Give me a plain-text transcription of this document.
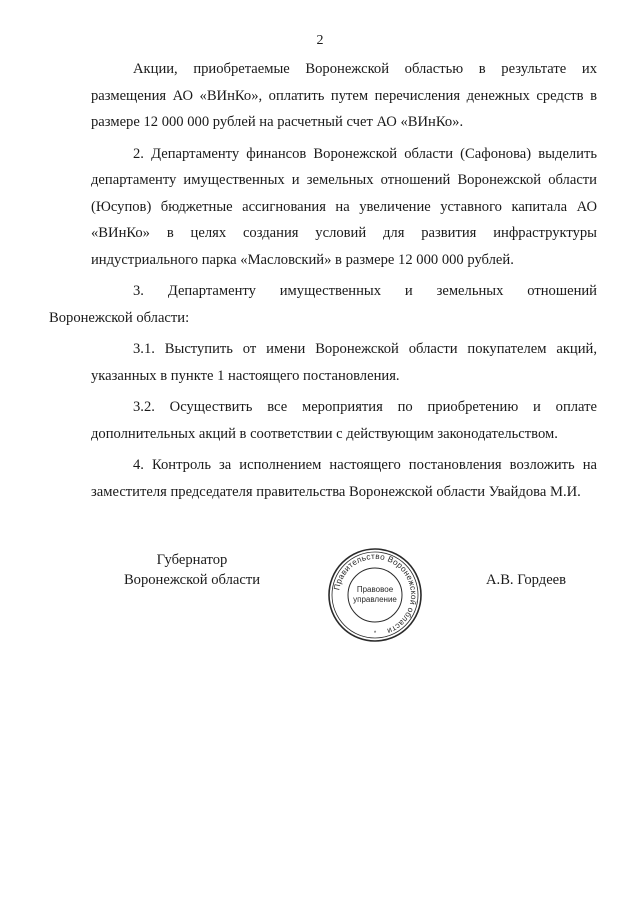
2

Акции, приобретаемые Воронежской областью в результате их размещения АО «ВИнКо», оплатить путем перечисления денежных средств в размере 12 000 000 рублей на расчетный счет АО «ВИнКо».

2. Департаменту финансов Воронежской области (Сафонова) выделить департаменту имущественных и земельных отношений Воронежской области (Юсупов) бюджетные ассигнования на увеличение уставного капитала АО «ВИнКо» в целях создания условий для развития инфраструктуры индустриального парка «Масловский» в размере 12 000 000 рублей.

3. Департаменту имущественных и земельных отношений
Воронежской области:

3.1. Выступить от имени Воронежской области покупателем акций, указанных в пункте 1 настоящего постановления.

3.2. Осуществить все мероприятия по приобретению и оплате дополнительных акций в соответствии с действующим законодательством.

4. Контроль за исполнением настоящего постановления возложить на заместителя председателя правительства Воронежской области Увайдова М.И.

Губернатор
Воронежской области	Правительство Воронежской области
Правовое
управление
*
А.В. Гордеев
